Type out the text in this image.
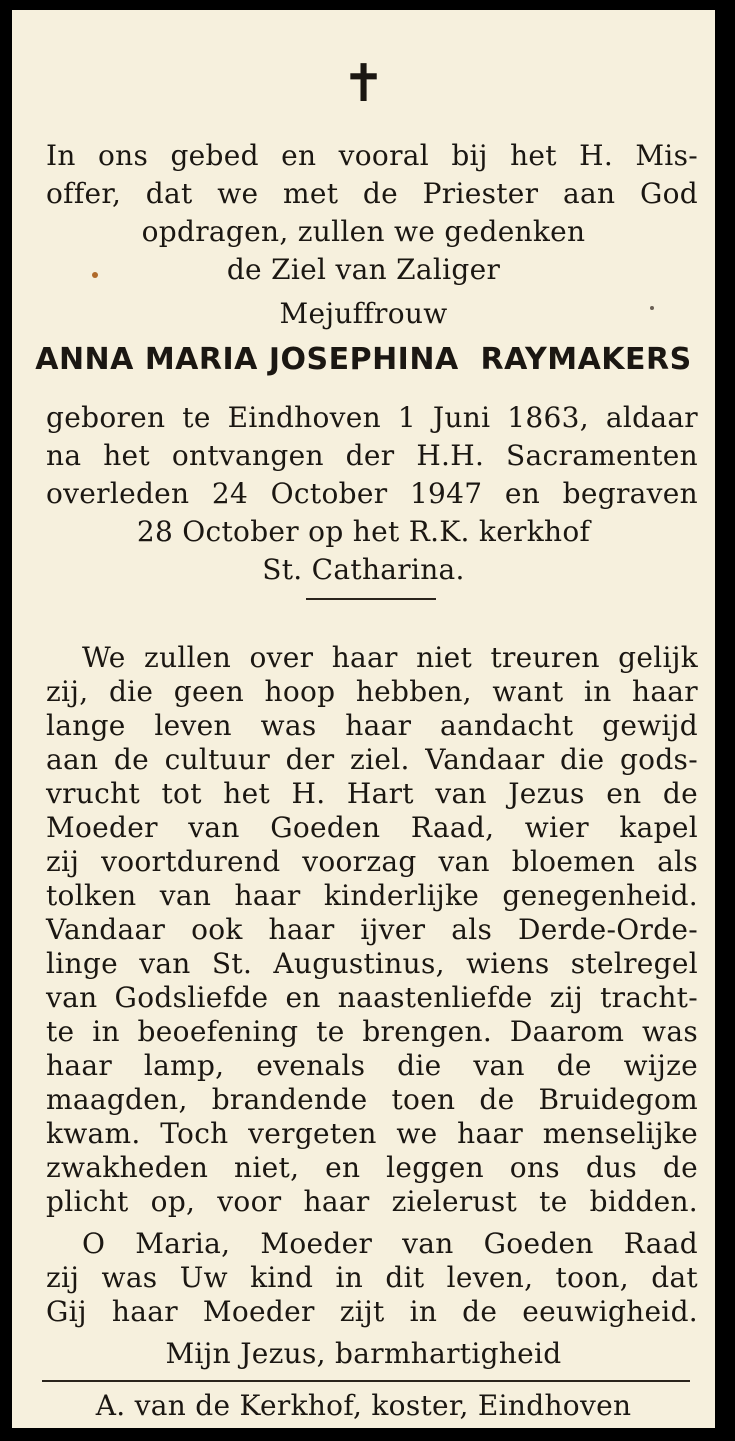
✝
In ons gebed en vooral bij het H. Mis-
offer, dat we met de Priester aan God
opdragen, zullen we gedenken
de Ziel van Zaliger
Mejuffrouw
ANNA MARIA JOSEPHINA  RAYMAKERS
geboren te Eindhoven 1 Juni 1863, aldaar
na het ontvangen der H.H. Sacramenten
overleden 24 October 1947 en begraven
28 October op het R.K. kerkhof
St. Catharina.
We zullen over haar niet treuren gelijk
zij, die geen hoop hebben, want in haar
lange leven was haar aandacht gewijd
aan de cultuur der ziel. Vandaar die gods-
vrucht tot het H. Hart van Jezus en de
Moeder van Goeden Raad, wier kapel
zij voortdurend voorzag van bloemen als
tolken van haar kinderlijke genegenheid.
Vandaar ook haar ijver als Derde-Orde-
linge van St. Augustinus, wiens stelregel
van Godsliefde en naastenliefde zij tracht-
te in beoefening te brengen. Daarom was
haar lamp, evenals die van de wijze
maagden, brandende toen de Bruidegom
kwam. Toch vergeten we haar menselijke
zwakheden niet, en leggen ons dus de
plicht op, voor haar zielerust te bidden.
O Maria, Moeder van Goeden Raad
zij was Uw kind in dit leven, toon, dat
Gij haar Moeder zijt in de eeuwigheid.
Mijn Jezus, barmhartigheid
A. van de Kerkhof, koster, Eindhoven
